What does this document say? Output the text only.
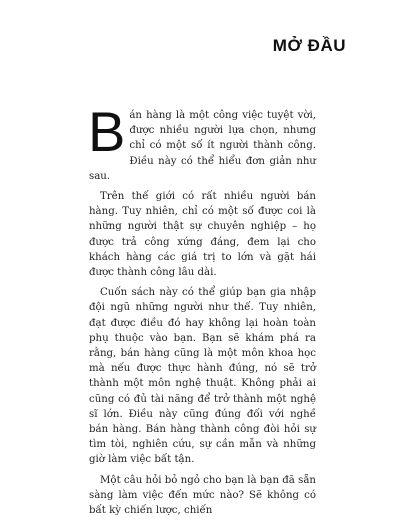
MỞ ĐẦU

Bán hàng là một công việc tuyệt vời, được nhiều người lựa chọn, nhưng chỉ có một số ít người thành công. Điều này có thể hiểu đơn giản như sau.

Trên thế giới có rất nhiều người bán hàng. Tuy nhiên, chỉ có một số được coi là những người thật sự chuyên nghiệp – họ được trả công xứng đáng, đem lại cho khách hàng các giá trị to lớn và gặt hái được thành công lâu dài.

Cuốn sách này có thể giúp bạn gia nhập đội ngũ những người như thế. Tuy nhiên, đạt được điều đó hay không lại hoàn toàn phụ thuộc vào bạn. Bạn sẽ khám phá ra rằng, bán hàng cũng là một môn khoa học mà nếu được thực hành đúng, nó sẽ trở thành một môn nghệ thuật. Không phải ai cũng có đủ tài năng để trở thành một nghệ sĩ lớn. Điều này cũng đúng đối với nghề bán hàng. Bán hàng thành công đòi hỏi sự tìm tòi, nghiên cứu, sự cần mẫn và những giờ làm việc bất tận.

Một câu hỏi bỏ ngỏ cho bạn là bạn đã sẵn sàng làm việc đến mức nào? Sẽ không có bất kỳ chiến lược, chiến
